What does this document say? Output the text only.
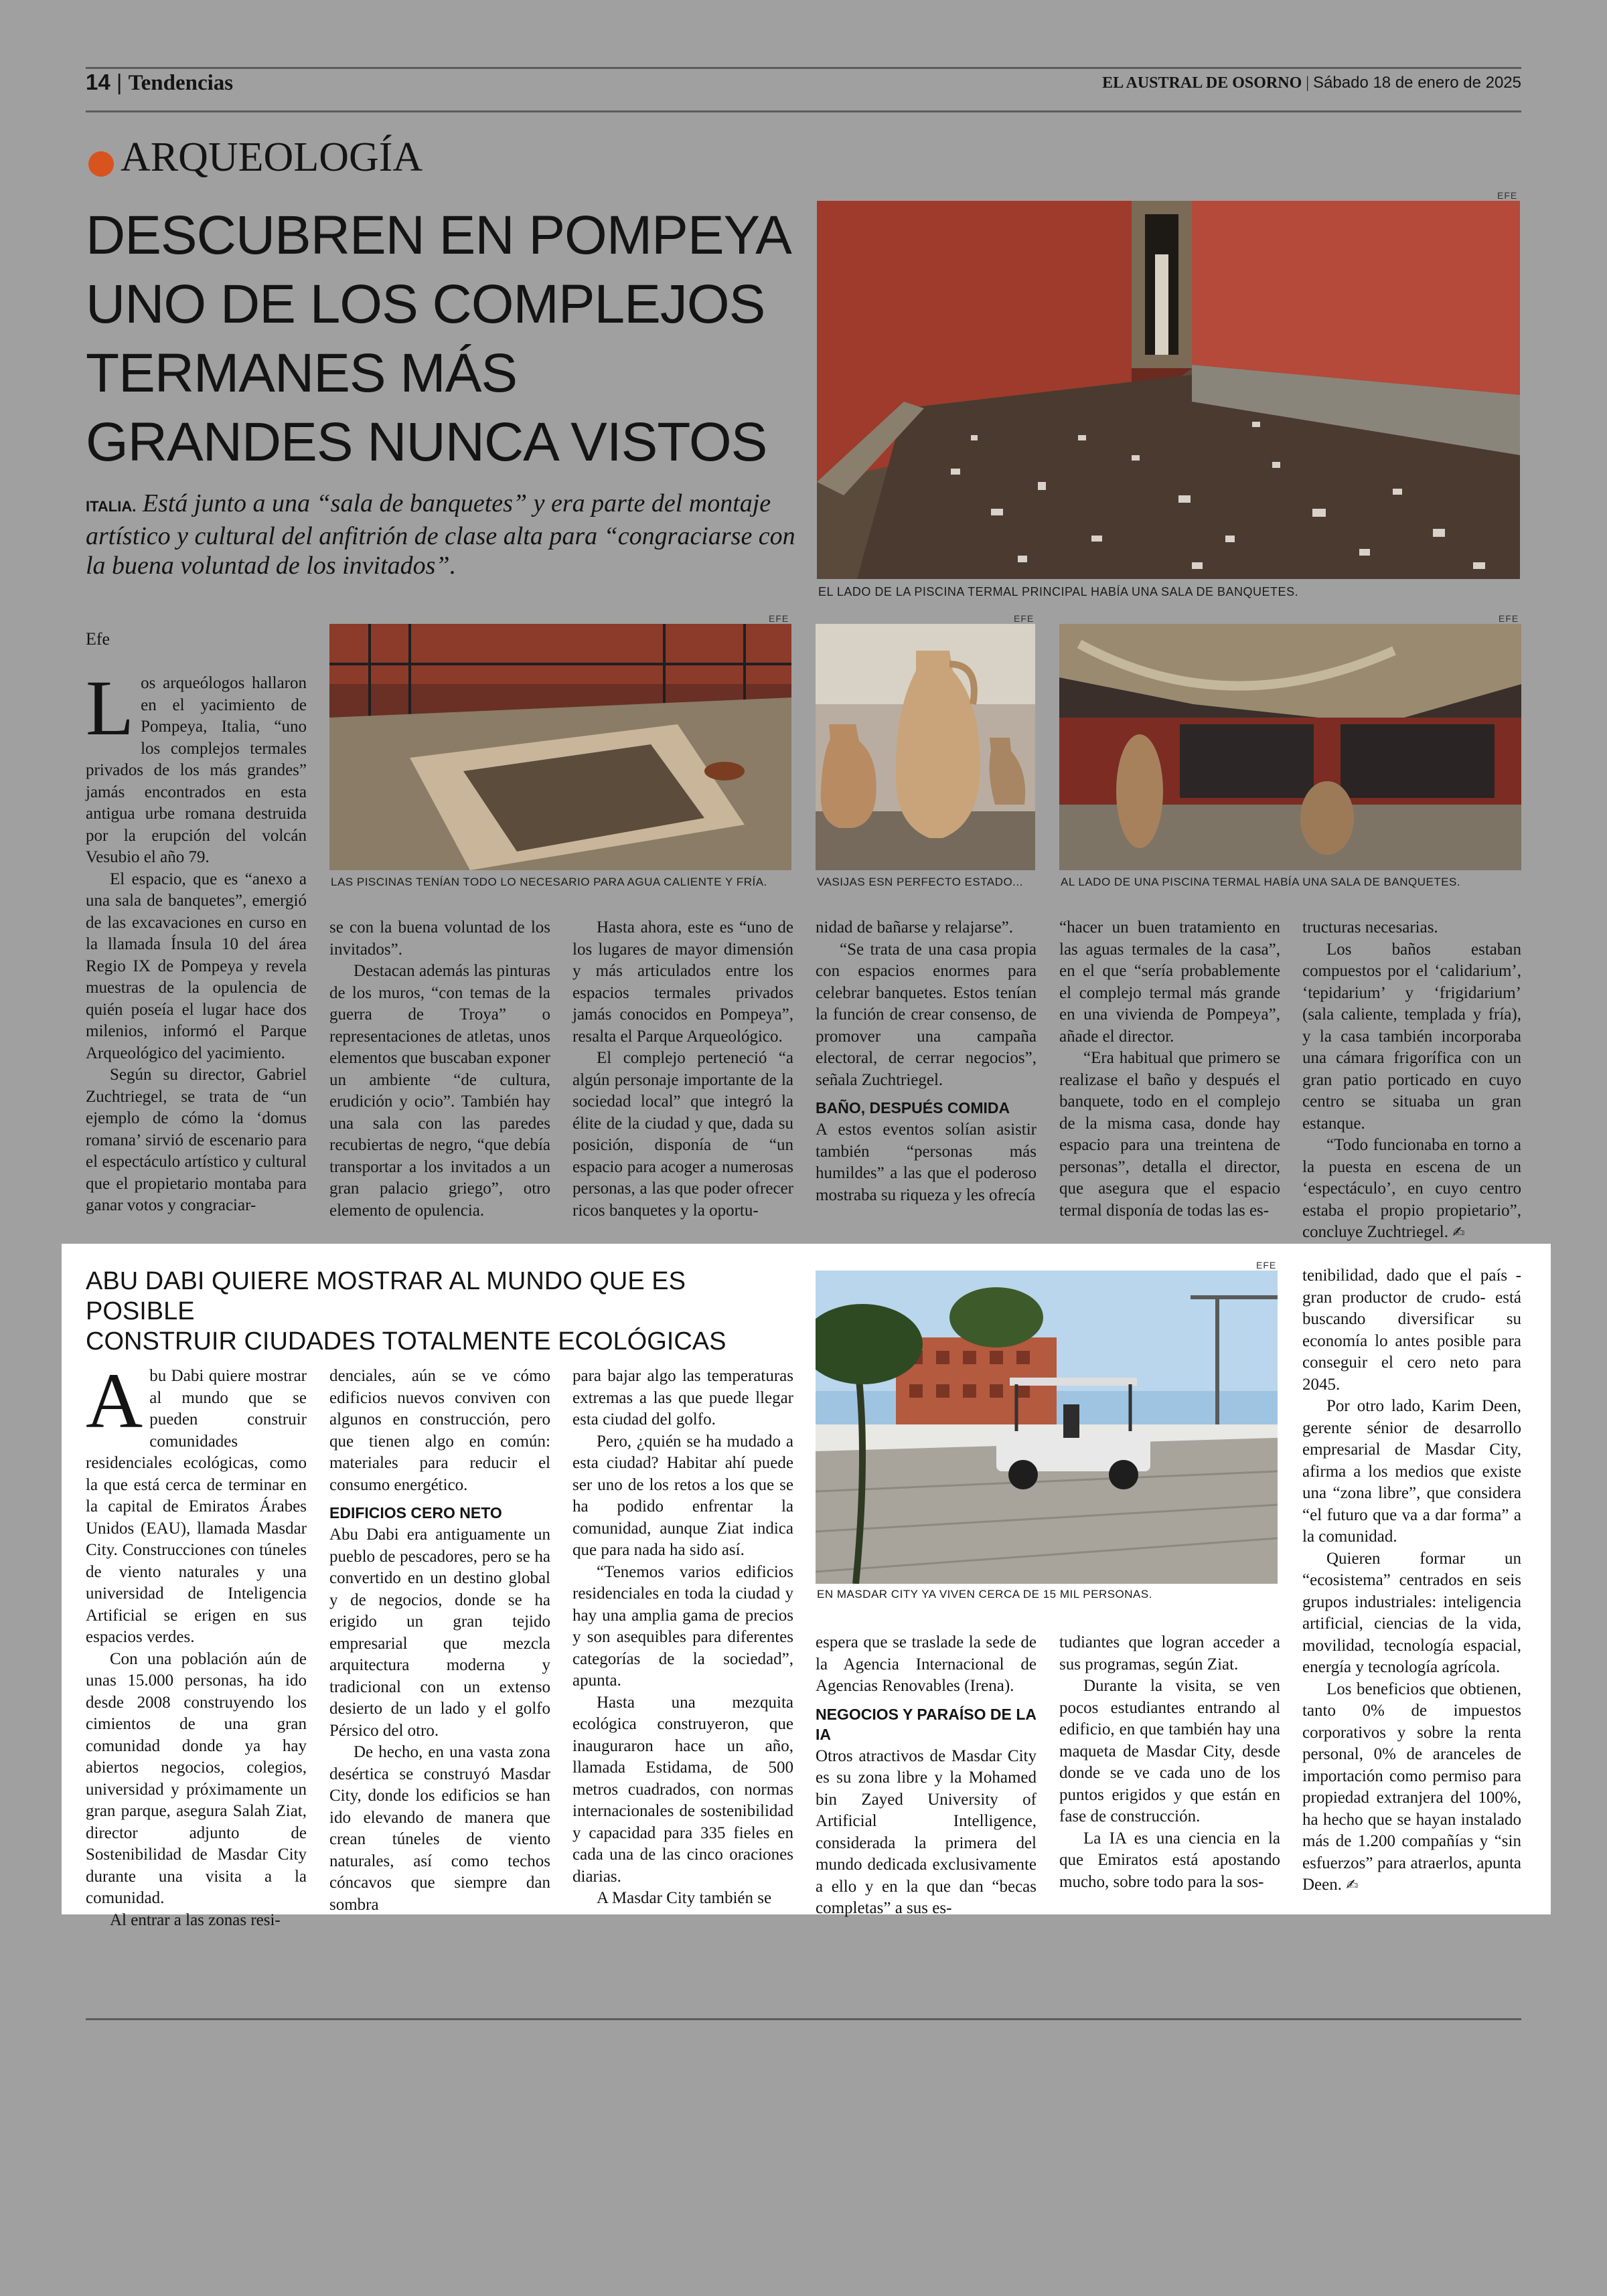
14 | Tendencias	EL AUSTRAL DE OSORNO | Sábado 18 de enero de 2025
ARQUEOLOGÍA
DESCUBREN EN POMPEYA
UNO DE LOS COMPLEJOS
TERMANES MÁS
GRANDES NUNCA VISTOS
ITALIA. Está junto a una “sala de banquetes” y era parte del montaje artístico y cultural del anfitrión de clase alta para “congraciarse con la buena voluntad de los invitados”.
EFE
EL LADO DE LA PISCINA TERMAL PRINCIPAL HABÍA UNA SALA DE BANQUETES.
Efe
EFE
LAS PISCINAS TENÍAN TODO LO NECESARIO PARA AGUA CALIENTE Y FRÍA.
EFE
VASIJAS ESN PERFECTO ESTADO...
EFE
AL LADO DE UNA PISCINA TERMAL HABÍA UNA SALA DE BANQUETES.

Los arqueólogos hallaron en el yacimiento de Pompeya, Italia, “uno los complejos termales privados de los más grandes” jamás encontrados en esta antigua urbe romana destruida por la erupción del volcán Vesubio el año 79.

El espacio, que es “anexo a una sala de banquetes”, emergió de las excavaciones en curso en la llamada Ínsula 10 del área Regio IX de Pompeya y revela muestras de la opulencia de quién poseía el lugar hace dos milenios, informó el Parque Arqueológico del yacimiento.

Según su director, Gabriel Zuchtriegel, se trata de “un ejemplo de cómo la ‘domus romana’ sirvió de escenario para el espectáculo artístico y cultural que el propietario montaba para ganar votos y congraciar-

se con la buena voluntad de los invitados”.

Destacan además las pinturas de los muros, “con temas de la guerra de Troya” o representaciones de atletas, unos elementos que buscaban exponer un ambiente “de cultura, erudición y ocio”. También hay una sala con las paredes recubiertas de negro, “que debía transportar a los invitados a un gran palacio griego”, otro elemento de opulencia.

Hasta ahora, este es “uno de los lugares de mayor dimensión y más articulados entre los espacios termales privados jamás conocidos en Pompeya”, resalta el Parque Arqueológico.

El complejo perteneció “a algún personaje importante de la sociedad local” que integró la élite de la ciudad y que, dada su posición, disponía de “un espacio para acoger a numerosas personas, a las que poder ofrecer ricos banquetes y la oportu-

nidad de bañarse y relajarse”.

“Se trata de una casa propia con espacios enormes para celebrar banquetes. Estos tenían la función de crear consenso, de promover una campaña electoral, de cerrar negocios”, señala Zuchtriegel.

BAÑO, DESPUÉS COMIDA

A estos eventos solían asistir también “personas más humildes” a las que el poderoso mostraba su riqueza y les ofrecía

“hacer un buen tratamiento en las aguas termales de la casa”, en el que “sería probablemente el complejo termal más grande en una vivienda de Pompeya”, añade el director.

“Era habitual que primero se realizase el baño y después el banquete, todo en el complejo de la misma casa, donde hay espacio para una treintena de personas”, detalla el director, que asegura que el espacio termal disponía de todas las es-

tructuras necesarias.

Los baños estaban compuestos por el ‘calidarium’, ‘tepidarium’ y ‘frigidarium’ (sala caliente, templada y fría), y la casa también incorporaba una cámara frigorífica con un gran patio porticado en cuyo centro se situaba un gran estanque.

“Todo funcionaba en torno a la puesta en escena de un ‘espectáculo’, en cuyo centro estaba el propio propietario”, concluye Zuchtriegel. ✍

ABU DABI QUIERE MOSTRAR AL MUNDO QUE ES POSIBLE
CONSTRUIR CIUDADES TOTALMENTE ECOLÓGICAS
EFE
EN MASDAR CITY YA VIVEN CERCA DE 15 MIL PERSONAS.

Abu Dabi quiere mostrar al mundo que se pueden construir comunidades residenciales ecológicas, como la que está cerca de terminar en la capital de Emiratos Árabes Unidos (EAU), llamada Masdar City. Construcciones con túneles de viento naturales y una universidad de Inteligencia Artificial se erigen en sus espacios verdes.

Con una población aún de unas 15.000 personas, ha ido desde 2008 construyendo los cimientos de una gran comunidad donde ya hay abiertos negocios, colegios, universidad y próximamente un gran parque, asegura Salah Ziat, director adjunto de Sostenibilidad de Masdar City durante una visita a la comunidad.

Al entrar a las zonas resi-

denciales, aún se ve cómo edificios nuevos conviven con algunos en construcción, pero que tienen algo en común: materiales para reducir el consumo energético.

EDIFICIOS CERO NETO

Abu Dabi era antiguamente un pueblo de pescadores, pero se ha convertido en un destino global y de negocios, donde se ha erigido un gran tejido empresarial que mezcla arquitectura moderna y tradicional con un extenso desierto de un lado y el golfo Pérsico del otro.

De hecho, en una vasta zona desértica se construyó Masdar City, donde los edificios se han ido elevando de manera que crean túneles de viento naturales, así como techos cóncavos que siempre dan sombra

para bajar algo las temperaturas extremas a las que puede llegar esta ciudad del golfo.

Pero, ¿quién se ha mudado a esta ciudad? Habitar ahí puede ser uno de los retos a los que se ha podido enfrentar la comunidad, aunque Ziat indica que para nada ha sido así.

“Tenemos varios edificios residenciales en toda la ciudad y hay una amplia gama de precios y son asequibles para diferentes categorías de la sociedad”, apunta.

Hasta una mezquita ecológica construyeron, que inauguraron hace un año, llamada Estidama, de 500 metros cuadrados, con normas internacionales de sostenibilidad y capacidad para 335 fieles en cada una de las cinco oraciones diarias.

A Masdar City también se

espera que se traslade la sede de la Agencia Internacional de Agencias Renovables (Irena).

NEGOCIOS Y PARAÍSO DE LA IA

Otros atractivos de Masdar City es su zona libre y la Mohamed bin Zayed University of Artificial Intelligence, considerada la primera del mundo dedicada exclusivamente a ello y en la que dan “becas completas” a sus es-

tudiantes que logran acceder a sus programas, según Ziat.

Durante la visita, se ven pocos estudiantes entrando al edificio, en que también hay una maqueta de Masdar City, desde donde se ve cada uno de los puntos erigidos y que están en fase de construcción.

La IA es una ciencia en la que Emiratos está apostando mucho, sobre todo para la sos-

tenibilidad, dado que el país -gran productor de crudo- está buscando diversificar su economía lo antes posible para conseguir el cero neto para 2045.

Por otro lado, Karim Deen, gerente sénior de desarrollo empresarial de Masdar City, afirma a los medios que existe una “zona libre”, que considera “el futuro que va a dar forma” a la comunidad.

Quieren formar un “ecosistema” centrados en seis grupos industriales: inteligencia artificial, ciencias de la vida, movilidad, tecnología espacial, energía y tecnología agrícola.

Los beneficios que obtienen, tanto 0% de impuestos corporativos y sobre la renta personal, 0% de aranceles de importación como permiso para propiedad extranjera del 100%, ha hecho que se hayan instalado más de 1.200 compañías y “sin esfuerzos” para atraerlos, apunta Deen. ✍
